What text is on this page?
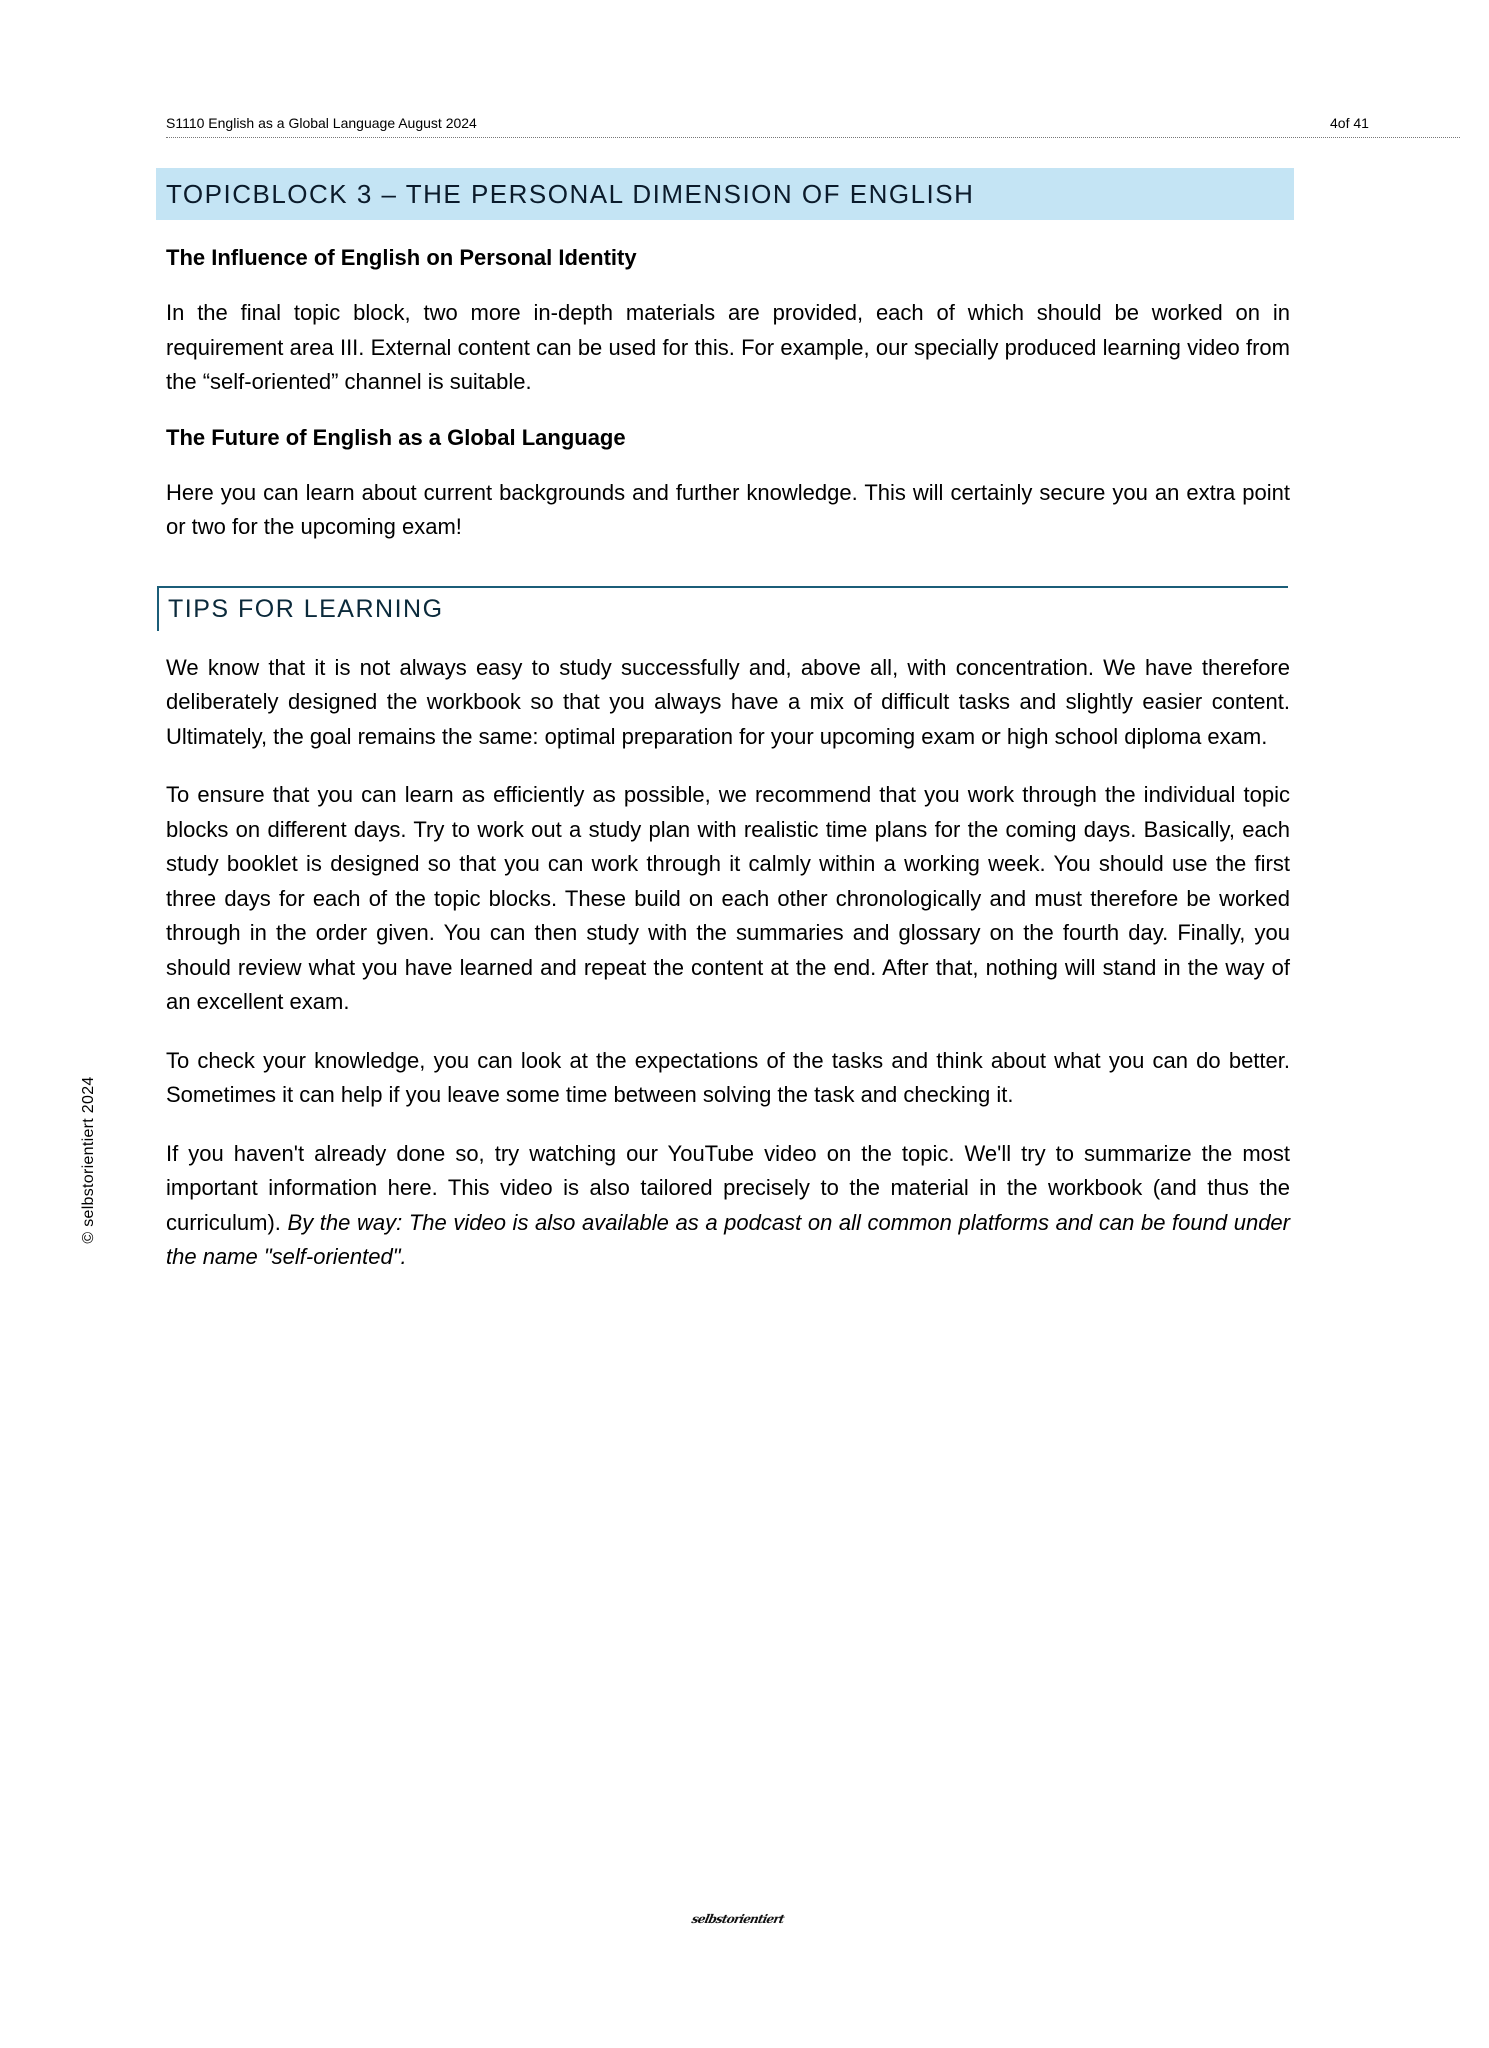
S1110 English as a Global Language August 2024	4of 41
TOPICBLOCK 3 – THE PERSONAL DIMENSION OF ENGLISH
The Influence of English on Personal Identity

In the final topic block, two more in-depth materials are provided, each of which should be worked on in requirement area III. External content can be used for this. For example, our specially produced learning video from the “self-oriented” channel is suitable.

The Future of English as a Global Language

Here you can learn about current backgrounds and further knowledge. This will certainly secure you an extra point or two for the upcoming exam!

TIPS FOR LEARNING

We know that it is not always easy to study successfully and, above all, with concentration. We have therefore deliberately designed the workbook so that you always have a mix of difficult tasks and slightly easier content. Ultimately, the goal remains the same: optimal preparation for your upcoming exam or high school diploma exam.

To ensure that you can learn as efficiently as possible, we recommend that you work through the individual topic blocks on different days. Try to work out a study plan with realistic time plans for the coming days. Basically, each study booklet is designed so that you can work through it calmly within a working week. You should use the first three days for each of the topic blocks. These build on each other chronologically and must therefore be worked through in the order given. You can then study with the summaries and glossary on the fourth day. Finally, you should review what you have learned and repeat the content at the end. After that, nothing will stand in the way of an excellent exam.

To check your knowledge, you can look at the expectations of the tasks and think about what you can do better. Sometimes it can help if you leave some time between solving the task and checking it.

If you haven't already done so, try watching our YouTube video on the topic. We'll try to summarize the most important information here. This video is also tailored precisely to the material in the workbook (and thus the curriculum). By the way: The video is also available as a podcast on all common platforms and can be found under the name "self-oriented".

© selbstorientiert 2024
selbstorientiert
